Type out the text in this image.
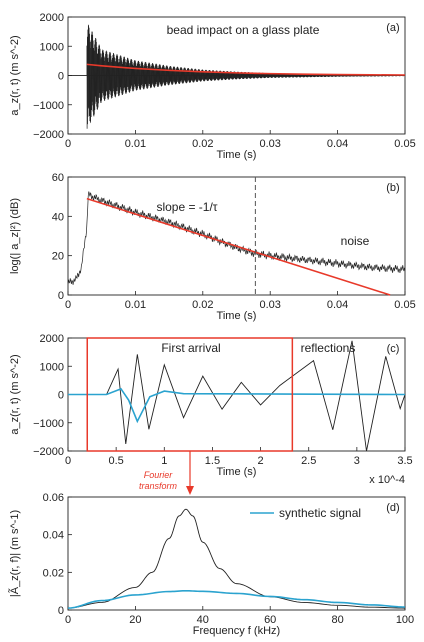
0	0.01	0.02	0.03	0.04	0.05
−2000
−1000
0
1000
2000
Time (s)
a_z(r, t) (m s^-2)
(a)
bead impact on a glass plate
0	0.01	0.02	0.03	0.04	0.05
0
20
40
60
Time (s)
log(| a_z|²) (dB)
(b)
slope = -1/τ
noise
0	0.5	1	1.5	2	2.5	3	3.5
−2000
−1000
0
1000
2000
Time (s)
a_z(r, t) (m s^-2)
(c)
First arrival	reflections
x 10^-4
Fourier
transform
0	20	40	60	80	100
0
0.02
0.04
0.06
Frequency f (kHz)
|Ã_z(r, f)| (m s^-1)
(d)
synthetic signal
